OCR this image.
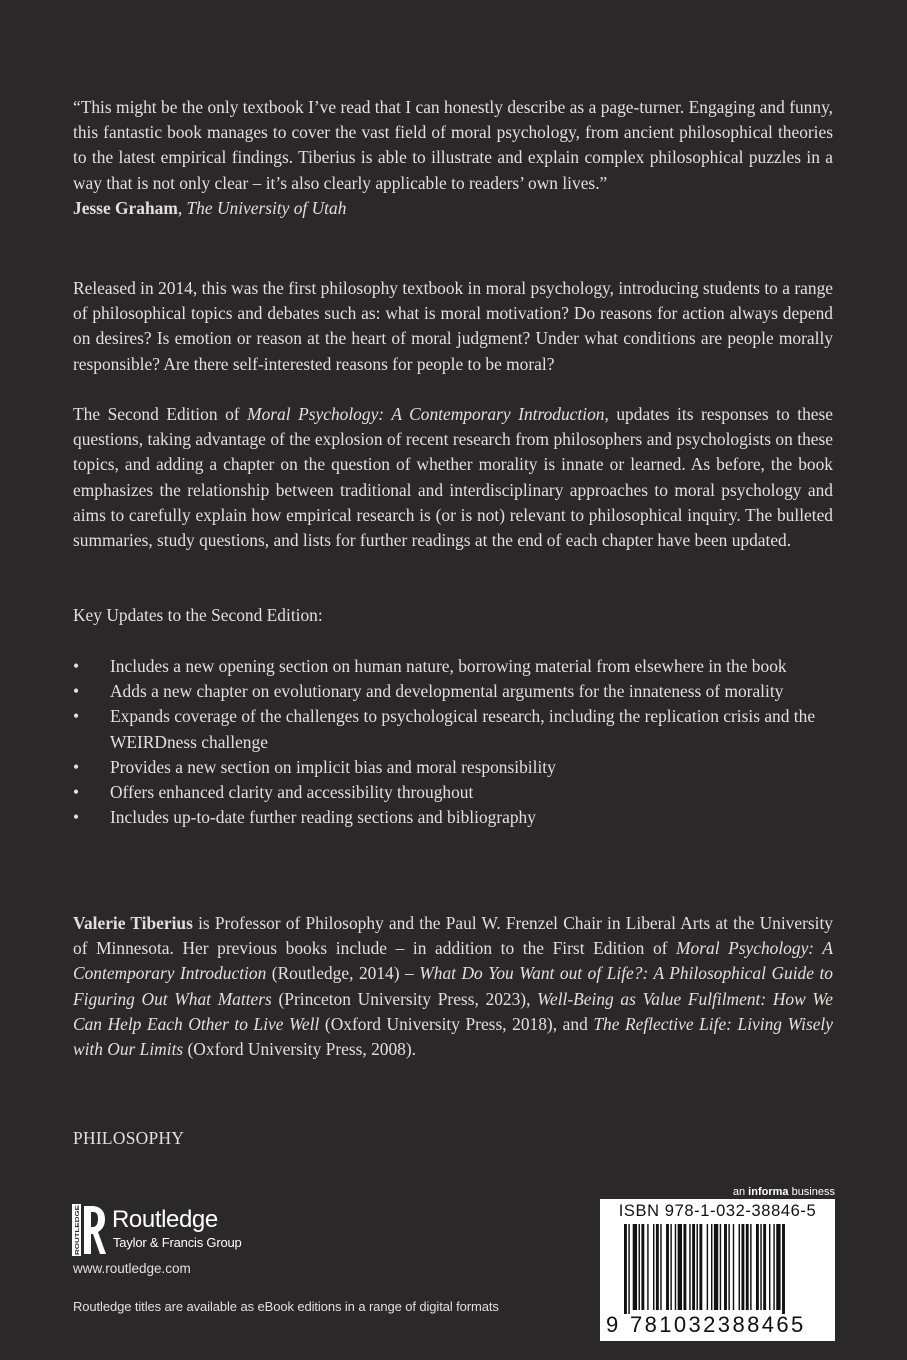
“This might be the only textbook I’ve read that I can honestly describe as a page-turner. Engaging and funny, this fantastic book manages to cover the vast field of moral psychology, from ancient philosophical theories to the latest empirical findings. Tiberius is able to illustrate and explain complex philosophical puzzles in a way that is not only clear – it’s also clearly applicable to readers’ own lives.”

Jesse Graham, The University of Utah

Released in 2014, this was the first philosophy textbook in moral psychology, introducing students to a range of philosophical topics and debates such as: what is moral motivation? Do reasons for action always depend on desires? Is emotion or reason at the heart of moral judgment? Under what conditions are people morally responsible? Are there self-interested reasons for people to be moral?

The Second Edition of Moral Psychology: A Contemporary Introduction, updates its responses to these questions, taking advantage of the explosion of recent research from philosophers and psychologists on these topics, and adding a chapter on the question of whether morality is innate or learned. As before, the book emphasizes the relationship between traditional and interdisciplinary approaches to moral psychology and aims to carefully explain how empirical research is (or is not) relevant to philosophical inquiry. The bulleted summaries, study questions, and lists for further readings at the end of each chapter have been updated.

Key Updates to the Second Edition:
• Includes a new opening section on human nature, borrowing material from elsewhere in the book
• Adds a new chapter on evolutionary and developmental arguments for the innateness of morality
• Expands coverage of the challenges to psychological research, including the replication crisis and the WEIRDness challenge
• Provides a new section on implicit bias and moral responsibility
• Offers enhanced clarity and accessibility throughout
• Includes up-to-date further reading sections and bibliography

Valerie Tiberius is Professor of Philosophy and the Paul W. Frenzel Chair in Liberal Arts at the University of Minnesota. Her previous books include – in addition to the First Edition of Moral Psychology: A Contemporary Introduction (Routledge, 2014) – What Do You Want out of Life?: A Philosophical Guide to Figuring Out What Matters (Princeton University Press, 2023), Well-Being as Value Fulfilment: How We Can Help Each Other to Live Well (Oxford University Press, 2018), and The Reflective Life: Living Wisely with Our Limits (Oxford University Press, 2008).

PHILOSOPHY
ROUTLEDGE
Routledge
Taylor & Francis Group
www.routledge.com
Routledge titles are available as eBook editions in a range of digital formats
an informa business
ISBN 978-1-032-38846-5
9 781032388465
